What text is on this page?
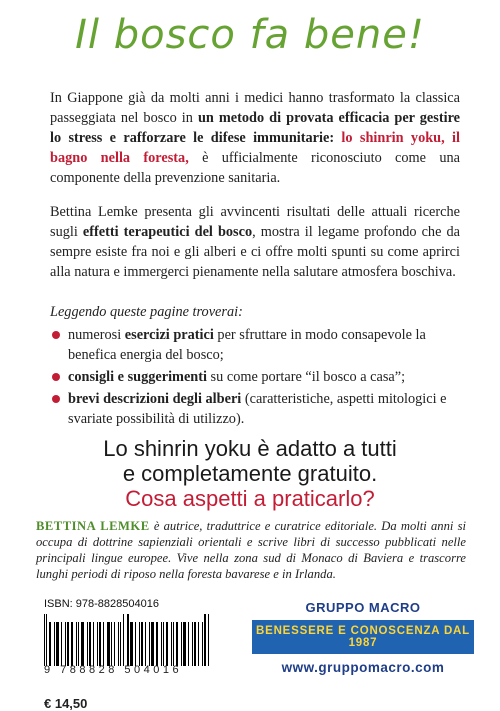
Il bosco fa bene!

In Giappone già da molti anni i medici hanno trasformato la classica passeggiata nel bosco in un metodo di provata efficacia per gestire lo stress e rafforzare le difese immunitarie: lo shinrin yoku, il bagno nella foresta, è ufficialmente riconosciuto come una componente della prevenzione sanitaria.

Bettina Lemke presenta gli avvincenti risultati delle attuali ricerche sugli effetti terapeutici del bosco, mostra il legame profondo che da sempre esiste fra noi e gli alberi e ci offre molti spunti su come aprirci alla natura e immergerci pienamente nella salutare atmosfera boschiva.

Leggendo queste pagine troverai:

numerosi esercizi pratici per sfruttare in modo consapevole la benefica energia del bosco;
consigli e suggerimenti su come portare “il bosco a casa”;
brevi descrizioni degli alberi (caratteristiche, aspetti mitologici e svariate possibilità di utilizzo).
Lo shinrin yoku è adatto a tutti
e completamente gratuito.
Cosa aspetti a praticarlo?
BETTINA LEMKE è autrice, traduttrice e curatrice editoriale. Da molti anni si occupa di dottrine sapienziali orientali e scrive libri di successo pubblicati nelle principali lingue europee. Vive nella zona sud di Monaco di Baviera e trascorre lunghi periodi di riposo nella foresta bavarese e in Irlanda.
ISBN: 978-8828504016
9 788828 504016
€ 14,50
GRUPPO MACRO
BENESSERE E CONOSCENZA DAL 1987
www.gruppomacro.com
